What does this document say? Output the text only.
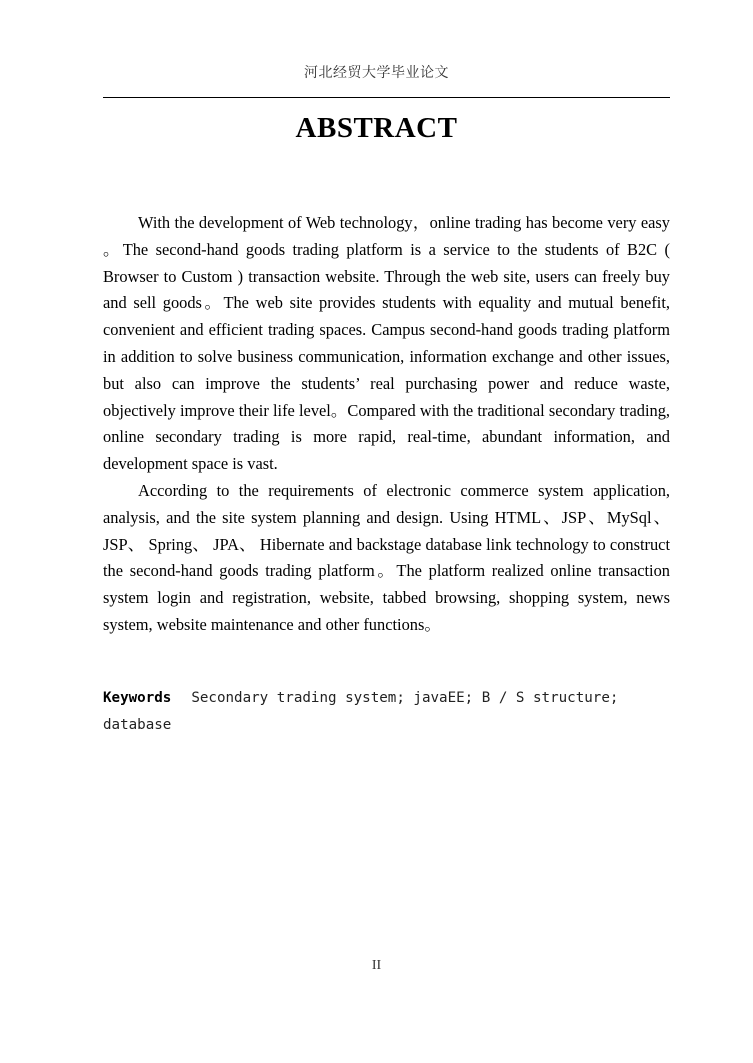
河北经贸大学毕业论文
ABSTRACT

With the development of Web technology，online trading has become very easy 。The second-hand goods trading platform is a service to the students of B2C ( Browser to Custom ) transaction website. Through the web site, users can freely buy and sell goods。The web site provides students with equality and mutual benefit, convenient and efficient trading spaces. Campus second-hand goods trading platform in addition to solve business communication, information exchange and other issues, but also can improve the students’ real purchasing power and reduce waste, objectively improve their life level。Compared with the traditional secondary trading, online secondary trading is more rapid, real-time, abundant information, and development space is vast.

According to the requirements of electronic commerce system application, analysis, and the site system planning and design. Using HTML、JSP、MySql、JSP、 Spring、 JPA、 Hibernate and backstage database link technology to construct the second-hand goods trading platform。The platform realized online transaction system login and registration, website, tabbed browsing, shopping system, news system, website maintenance and other functions。

Keywords Secondary trading system; javaEE; B / S structure; database
II
